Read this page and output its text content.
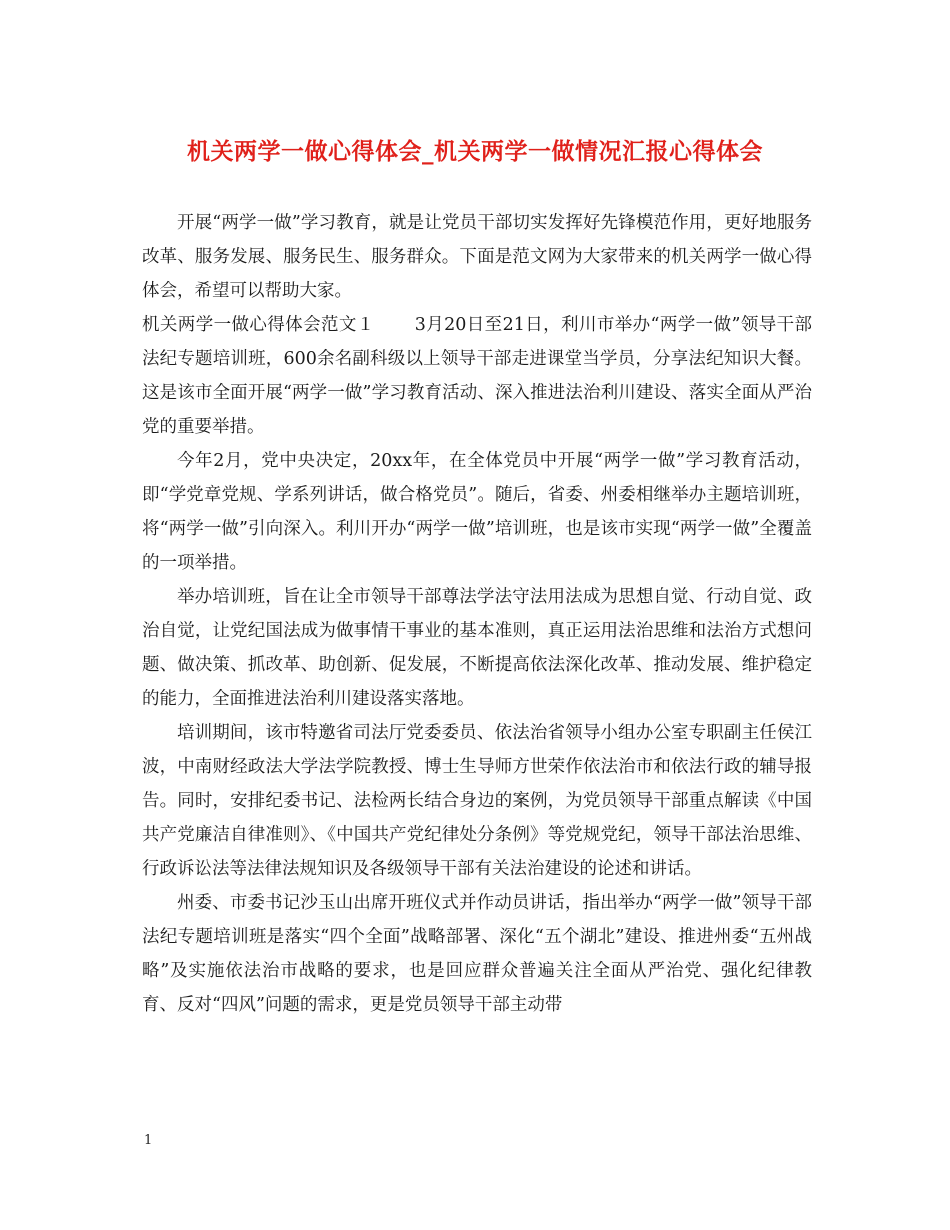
机关两学一做心得体会_机关两学一做情况汇报心得体会

开展“两学一做”学习教育，就是让党员干部切实发挥好先锋模范作用，更好地服务改革、服务发展、服务民生、服务群众。下面是范文网为大家带来的机关两学一做心得体会，希望可以帮助大家。

机关两学一做心得体会范文１ 3月20日至21日，利川市举办“两学一做”领导干部法纪专题培训班，600余名副科级以上领导干部走进课堂当学员，分享法纪知识大餐。这是该市全面开展“两学一做”学习教育活动、深入推进法治利川建设、落实全面从严治党的重要举措。

今年2月，党中央决定，20xx年，在全体党员中开展“两学一做”学习教育活动，即“学党章党规、学系列讲话，做合格党员”。随后，省委、州委相继举办主题培训班，将“两学一做”引向深入。利川开办“两学一做”培训班，也是该市实现“两学一做”全覆盖的一项举措。

举办培训班，旨在让全市领导干部尊法学法守法用法成为思想自觉、行动自觉、政治自觉，让党纪国法成为做事情干事业的基本准则，真正运用法治思维和法治方式想问题、做决策、抓改革、助创新、促发展，不断提高依法深化改革、推动发展、维护稳定的能力，全面推进法治利川建设落实落地。

培训期间，该市特邀省司法厅党委委员、依法治省领导小组办公室专职副主任侯江波，中南财经政法大学法学院教授、博士生导师方世荣作依法治市和依法行政的辅导报告。同时，安排纪委书记、法检两长结合身边的案例，为党员领导干部重点解读《中国共产党廉洁自律准则》、《中国共产党纪律处分条例》等党规党纪，领导干部法治思维、行政诉讼法等法律法规知识及各级领导干部有关法治建设的论述和讲话。

州委、市委书记沙玉山出席开班仪式并作动员讲话，指出举办“两学一做”领导干部法纪专题培训班是落实“四个全面”战略部署、深化“五个湖北”建设、推进州委“五州战略”及实施依法治市战略的要求，也是回应群众普遍关注全面从严治党、强化纪律教育、反对“四风”问题的需求，更是党员领导干部主动带

1
